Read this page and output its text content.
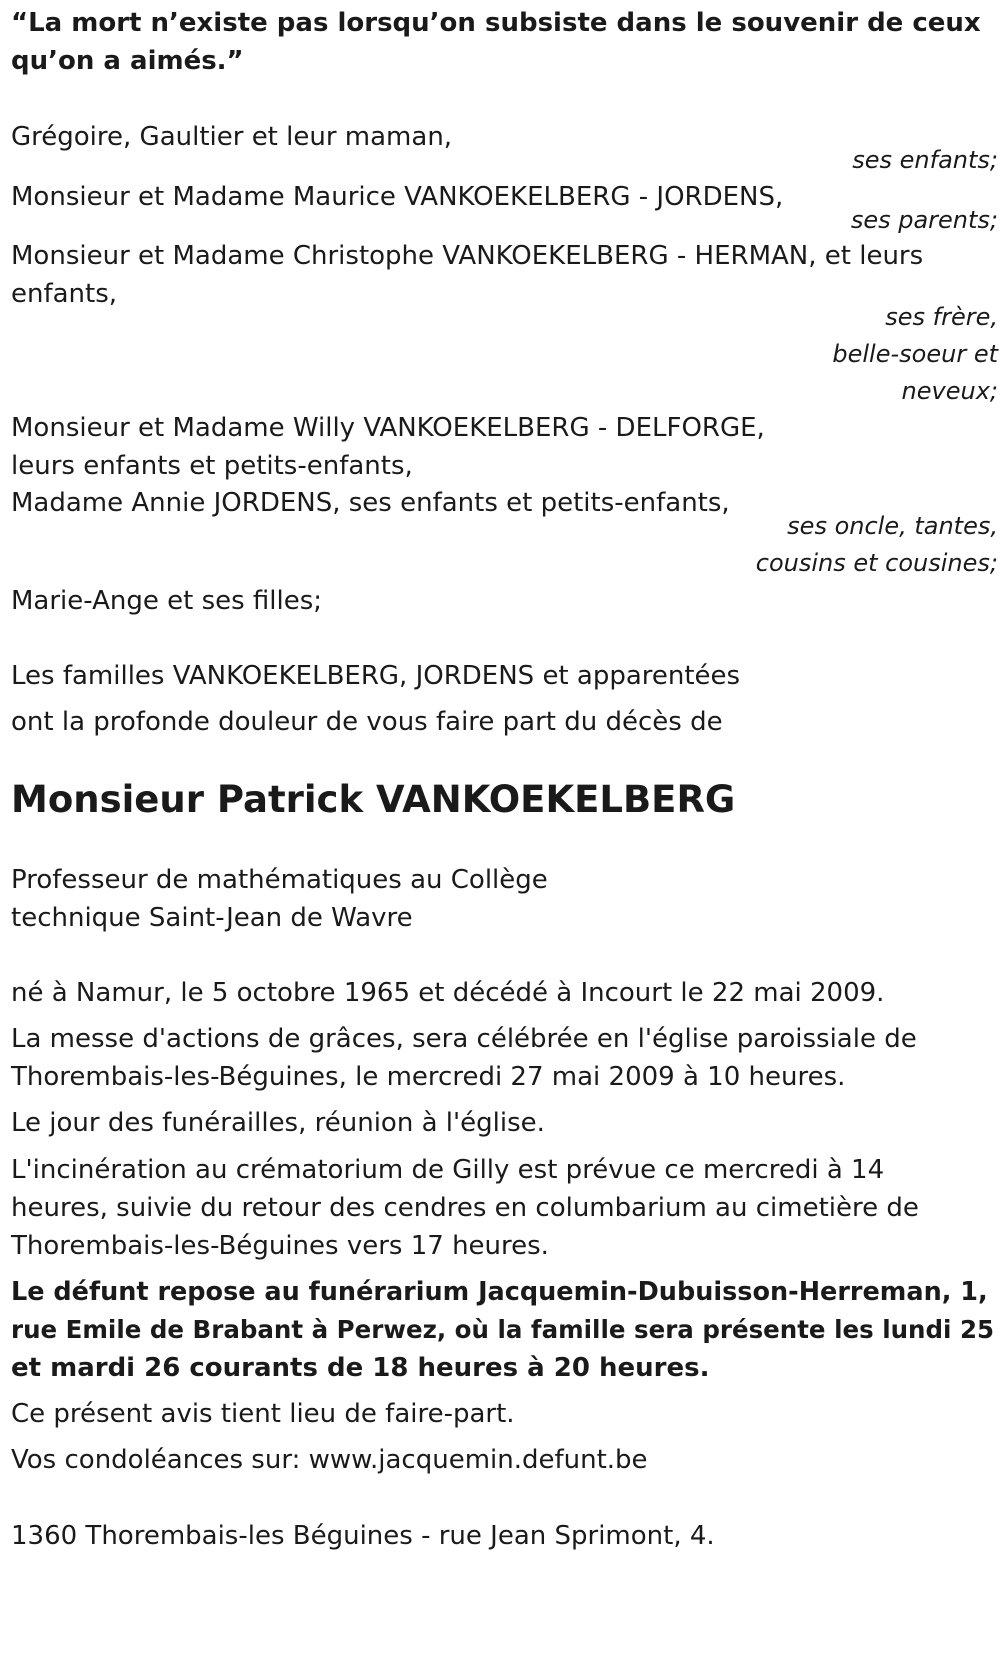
“La mort n’existe pas lorsqu’on subsiste dans le souvenir de ceux
qu’on a aimés.”
Grégoire, Gaultier et leur maman,
ses enfants;
Monsieur et Madame Maurice VANKOEKELBERG - JORDENS,
ses parents;
Monsieur et Madame Christophe VANKOEKELBERG - HERMAN, et leurs
enfants,
ses frère,
belle-soeur et
neveux;
Monsieur et Madame Willy VANKOEKELBERG - DELFORGE,
leurs enfants et petits-enfants,
Madame Annie JORDENS, ses enfants et petits-enfants,
ses oncle, tantes,
cousins et cousines;
Marie-Ange et ses filles;
Les familles VANKOEKELBERG, JORDENS et apparentées
ont la profonde douleur de vous faire part du décès de
Monsieur Patrick VANKOEKELBERG
Professeur de mathématiques au Collège
technique Saint-Jean de Wavre
né à Namur, le 5 octobre 1965 et décédé à Incourt le 22 mai 2009.
La messe d'actions de grâces, sera célébrée en l'église paroissiale de
Thorembais-les-Béguines, le mercredi 27 mai 2009 à 10 heures.
Le jour des funérailles, réunion à l'église.
L'incinération au crématorium de Gilly est prévue ce mercredi à 14
heures, suivie du retour des cendres en columbarium au cimetière de
Thorembais-les-Béguines vers 17 heures.
Le défunt repose au funérarium Jacquemin-Dubuisson-Herreman, 1,
rue Emile de Brabant à Perwez, où la famille sera présente les lundi 25
et mardi 26 courants de 18 heures à 20 heures.
Ce présent avis tient lieu de faire-part.
Vos condoléances sur: www.jacquemin.defunt.be
1360 Thorembais-les Béguines - rue Jean Sprimont, 4.
